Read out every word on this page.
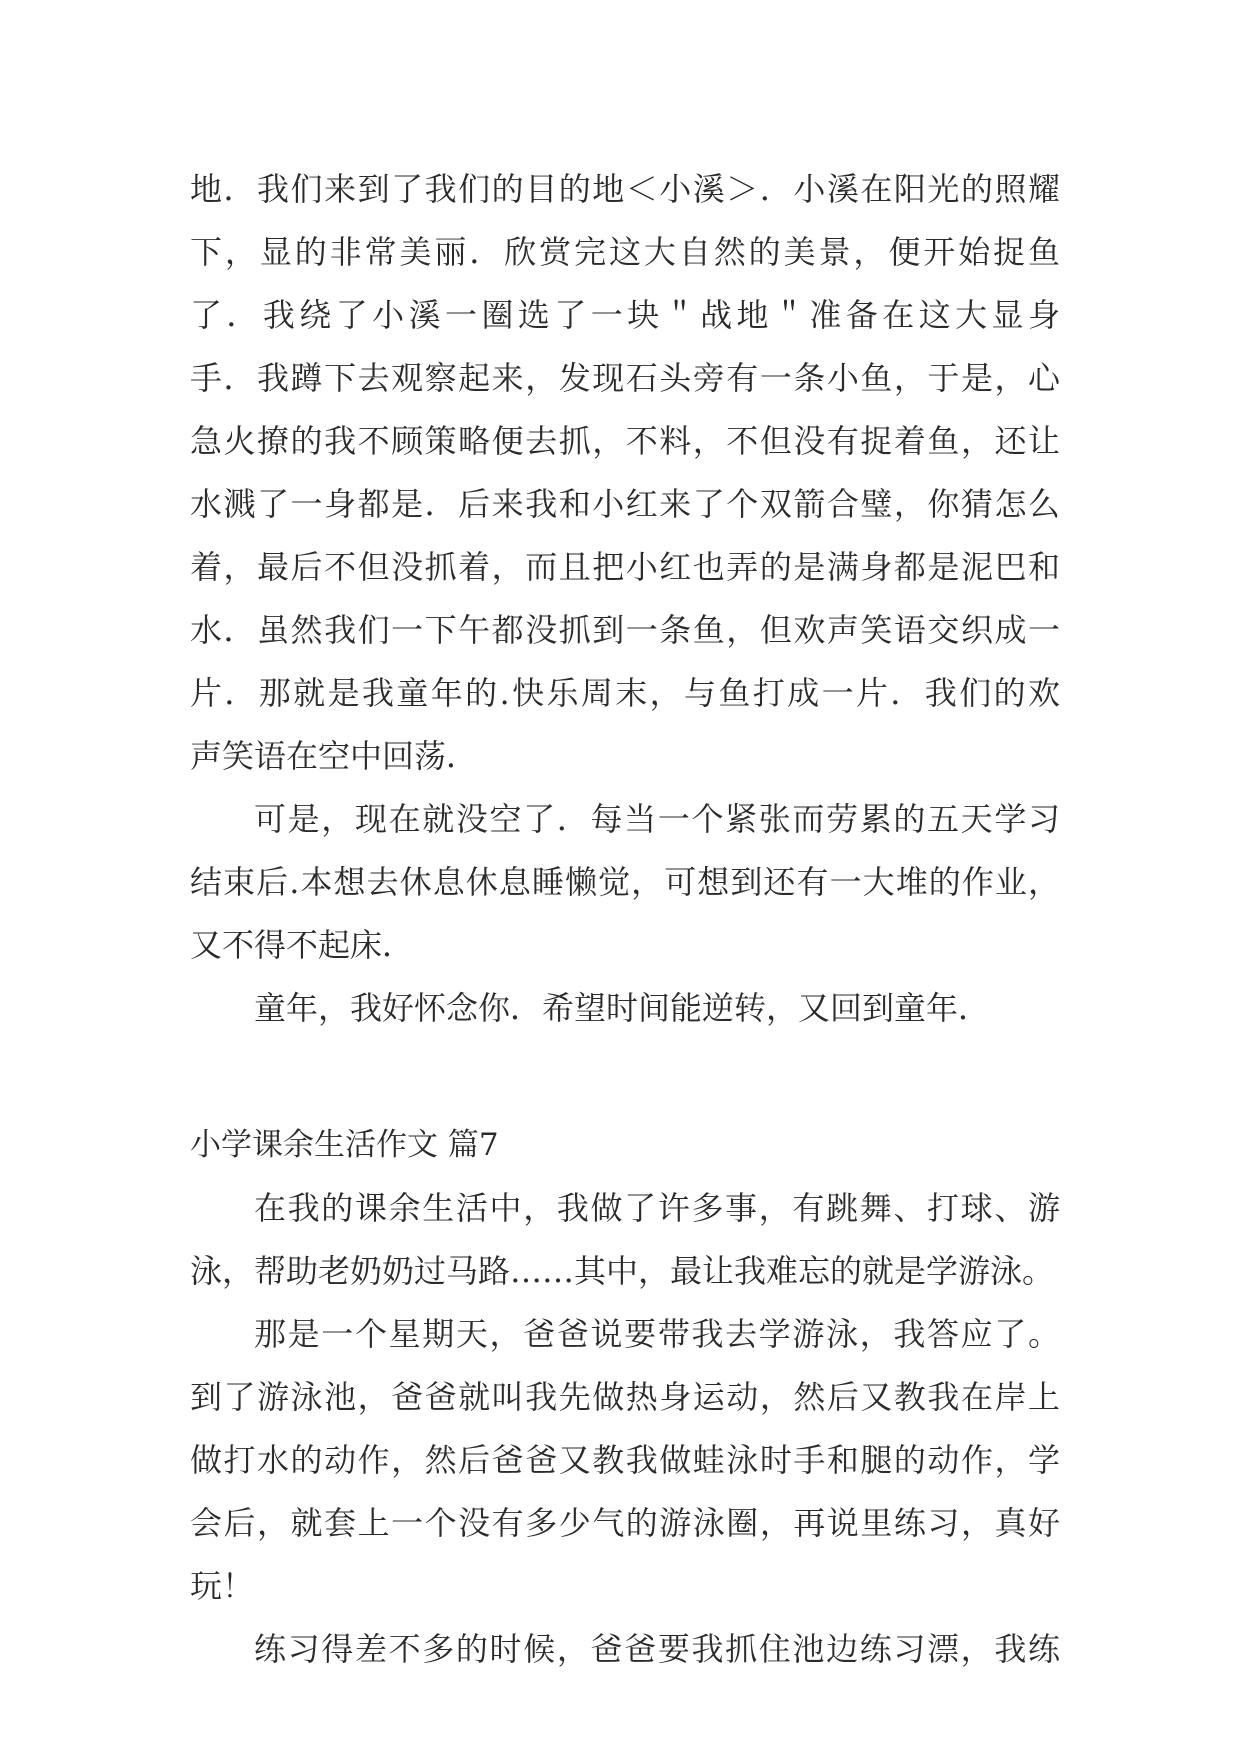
地．我们来到了我们的目的地＜小溪＞．小溪在阳光的照耀
下，显的非常美丽．欣赏完这大自然的美景，便开始捉鱼
了．我绕了小溪一圈选了一块＂战地＂准备在这大显身
手．我蹲下去观察起来，发现石头旁有一条小鱼，于是，心
急火撩的我不顾策略便去抓，不料，不但没有捉着鱼，还让
水溅了一身都是．后来我和小红来了个双箭合璧，你猜怎么
着，最后不但没抓着，而且把小红也弄的是满身都是泥巴和
水．虽然我们一下午都没抓到一条鱼，但欢声笑语交织成一
片．那就是我童年的.快乐周末，与鱼打成一片．我们的欢
声笑语在空中回荡．
可是，现在就没空了．每当一个紧张而劳累的五天学习
结束后.本想去休息休息睡懒觉，可想到还有一大堆的作业，
又不得不起床．
童年，我好怀念你．希望时间能逆转，又回到童年．
小学课余生活作文 篇7
在我的课余生活中，我做了许多事，有跳舞、打球、游
泳，帮助老奶奶过马路……其中，最让我难忘的就是学游泳。
那是一个星期天，爸爸说要带我去学游泳，我答应了。
到了游泳池，爸爸就叫我先做热身运动，然后又教我在岸上
做打水的动作，然后爸爸又教我做蛙泳时手和腿的动作，学
会后，就套上一个没有多少气的游泳圈，再说里练习，真好
玩！
练习得差不多的时候，爸爸要我抓住池边练习漂，我练
